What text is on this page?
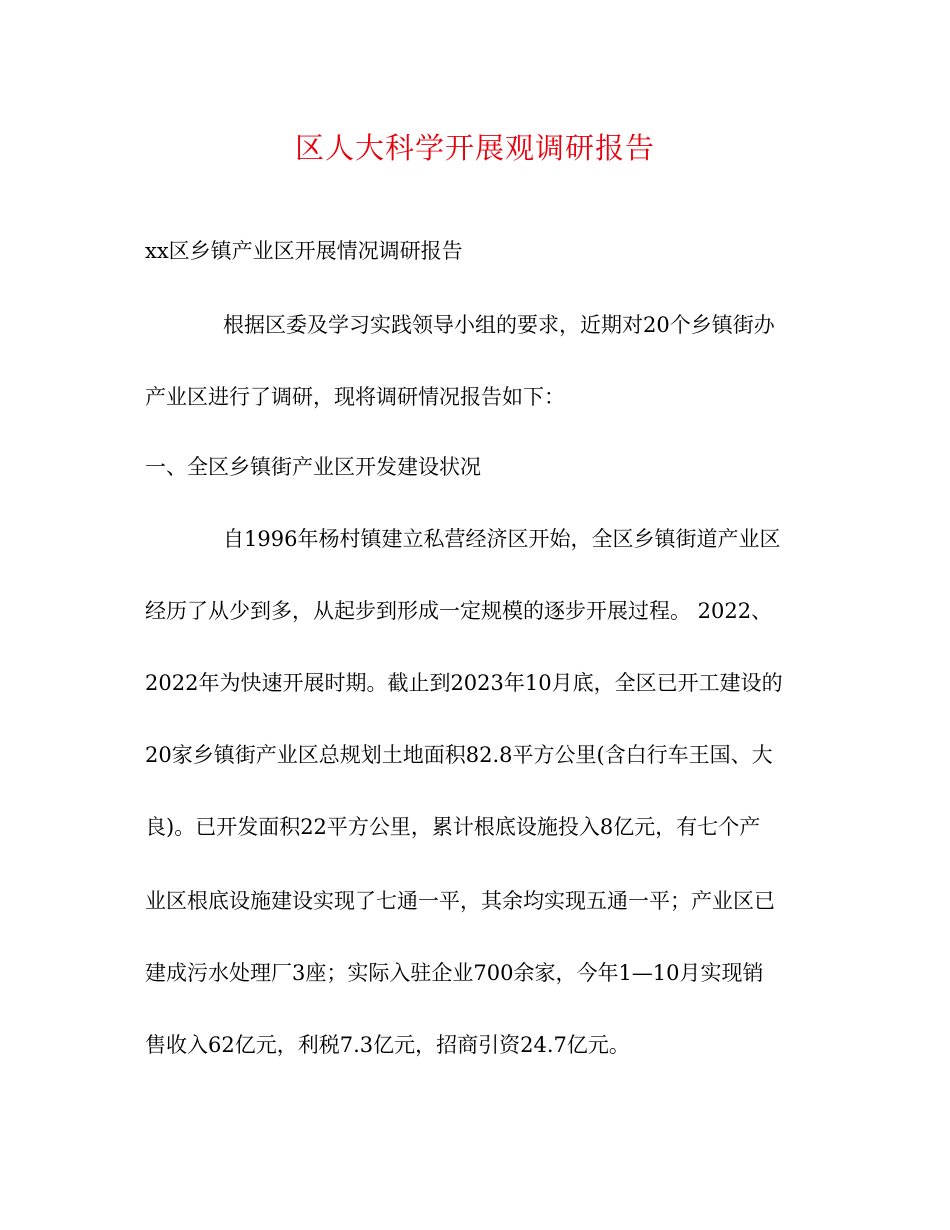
区人大科学开展观调研报告
xx区乡镇产业区开展情况调研报告
根据区委及学习实践领导小组的要求，近期对20个乡镇街办
产业区进行了调研，现将调研情况报告如下：
一、全区乡镇街产业区开发建设状况
自1996年杨村镇建立私营经济区开始，全区乡镇街道产业区
经历了从少到多，从起步到形成一定规模的逐步开展过程。 2022、
2022年为快速开展时期。截止到2023年10月底，全区已开工建设的
20家乡镇街产业区总规划土地面积82.8平方公里(含白行车王国、大
良)。已开发面积22平方公里，累计根底设施投入8亿元，有七个产
业区根底设施建设实现了七通一平，其余均实现五通一平；产业区已
建成污水处理厂3座；实际入驻企业700余家，今年1—10月实现销
售收入62亿元，利税7.3亿元，招商引资24.7亿元。
